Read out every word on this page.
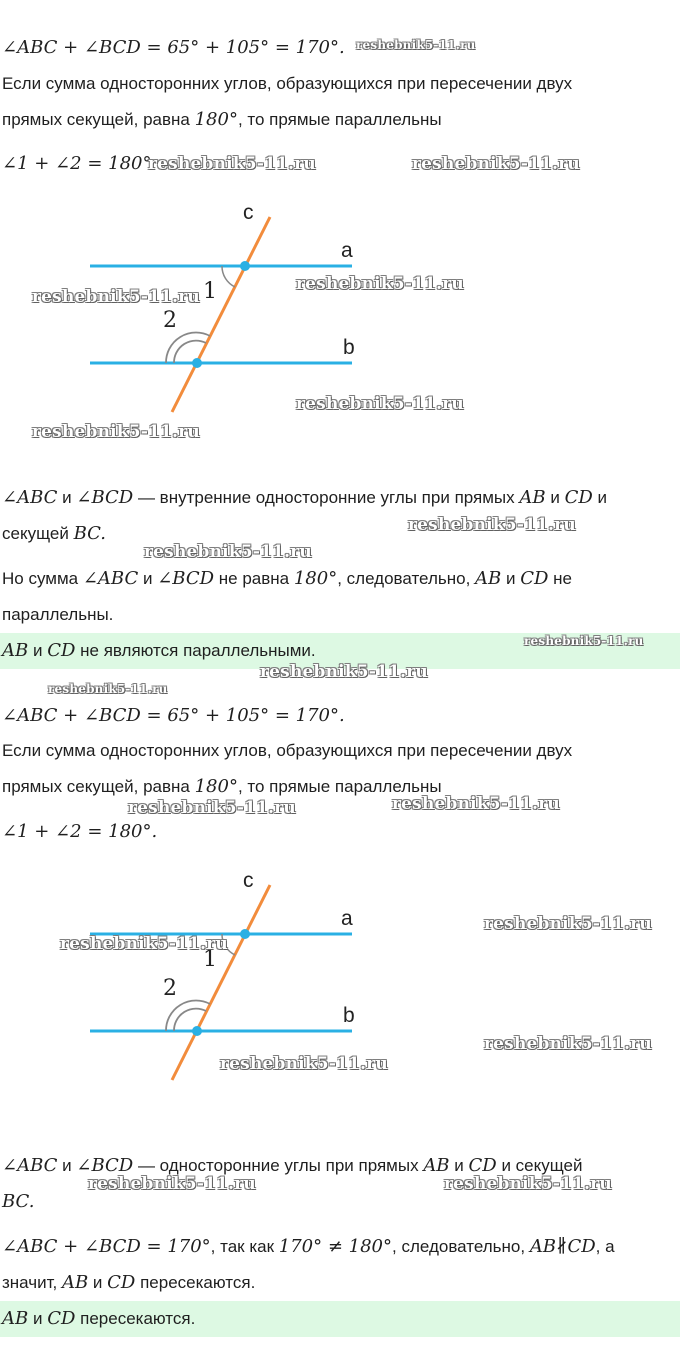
∠ABC + ∠BCD = 65° + 105° = 170°.
Если сумма односторонних углов, образующихся при пересечении двух
прямых секущей, равна 180°, то прямые параллельны
∠1 + ∠2 = 180°
c
a
b
1
2
∠ABC и ∠BCD — внутренние односторонние углы при прямых AB и CD и
секущей BC.
Но сумма ∠ABC и ∠BCD не равна 180°, следовательно, AB и CD не
параллельны.
AB и CD не являются параллельными.
∠ABC + ∠BCD = 65° + 105° = 170°.
Если сумма односторонних углов, образующихся при пересечении двух
прямых секущей, равна 180°, то прямые параллельны
∠1 + ∠2 = 180°.
c
a
b
1
2
∠ABC и ∠BCD — односторонние углы при прямых AB и CD и секущей
BC.
∠ABC + ∠BCD = 170°, так как 170° ≠ 180°, следовательно, AB∦CD, а
значит, AB и CD пересекаются.
AB и CD пересекаются.
reshebnik5-11.ru
reshebnik5-11.ru	reshebnik5-11.ru
reshebnik5-11.ru
reshebnik5-11.ru
reshebnik5-11.ru
reshebnik5-11.ru
reshebnik5-11.ru
reshebnik5-11.ru
reshebnik5-11.ru
reshebnik5-11.ru
reshebnik5-11.ru
reshebnik5-11.ru	reshebnik5-11.ru
reshebnik5-11.ru
reshebnik5-11.ru
reshebnik5-11.ru
reshebnik5-11.ru
reshebnik5-11.ru	reshebnik5-11.ru
